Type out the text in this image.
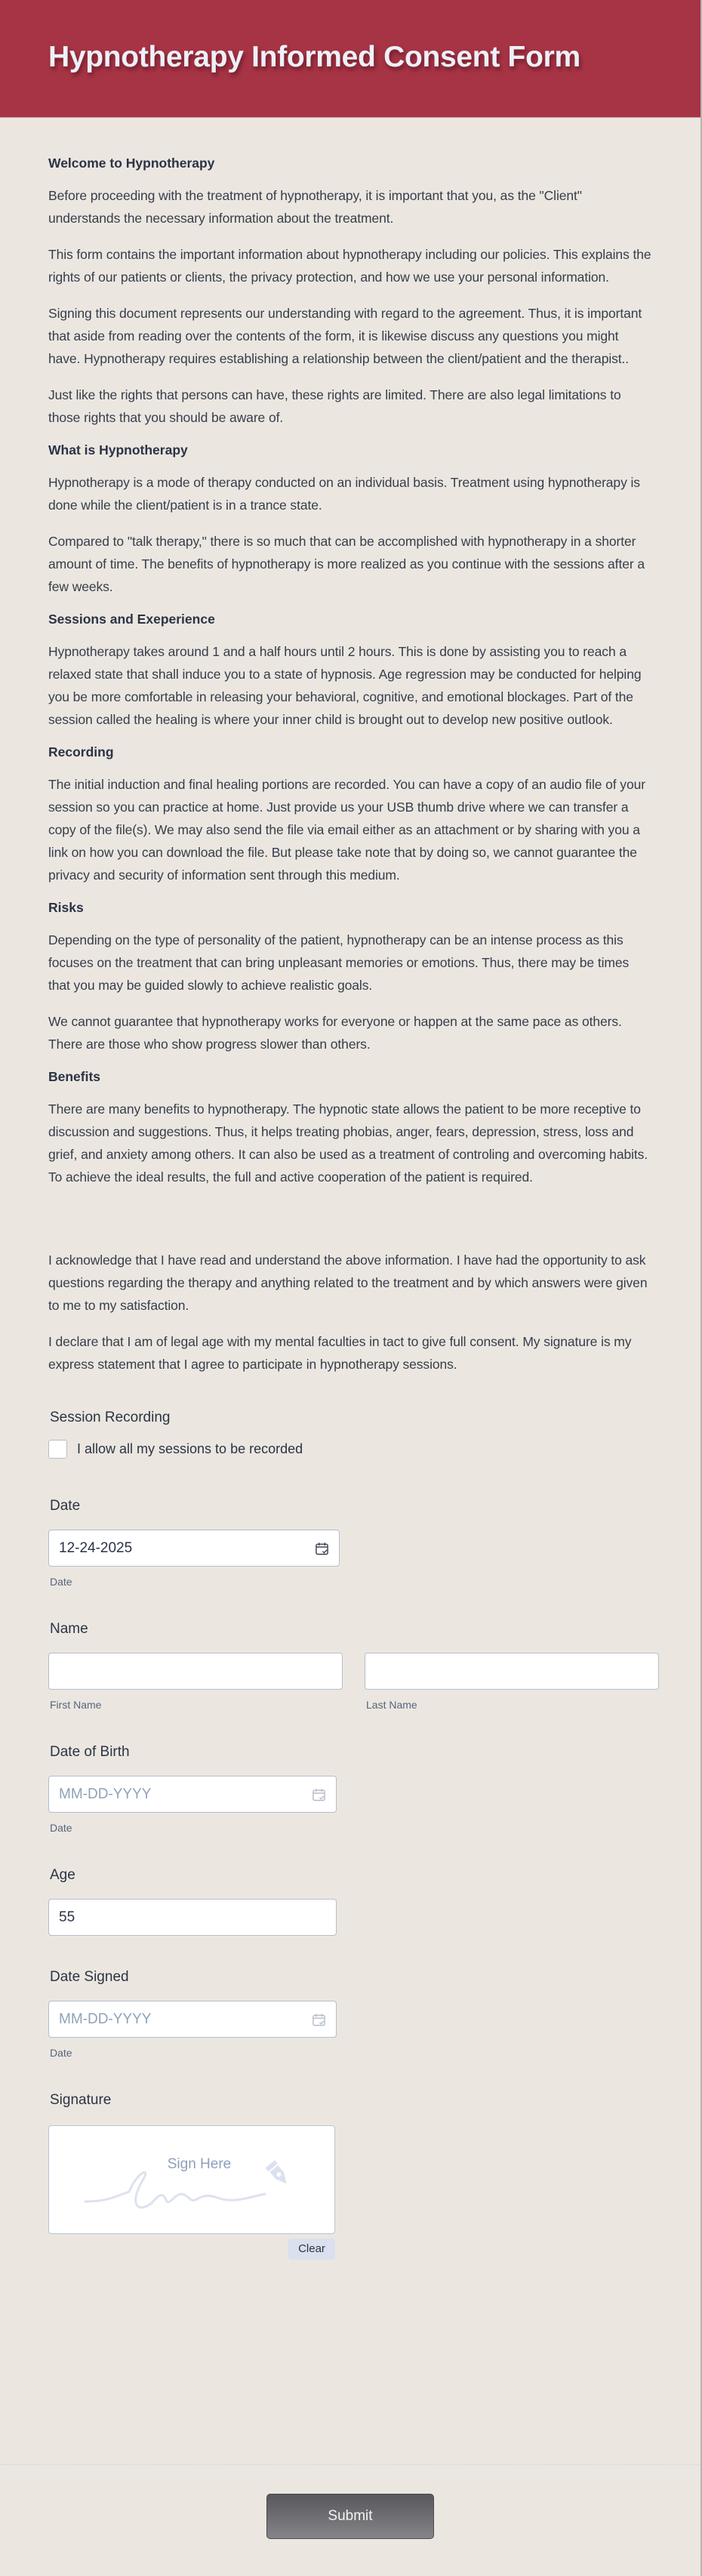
Hypnotherapy Informed Consent Form
Welcome to Hypnotherapy

Before proceeding with the treatment of hypnotherapy, it is important that you, as the "Client" understands the necessary information about the treatment.

This form contains the important information about hypnotherapy including our policies. This explains the rights of our patients or clients, the privacy protection, and how we use your personal information.

Signing this document represents our understanding with regard to the agreement. Thus, it is important that aside from reading over the contents of the form, it is likewise discuss any questions you might have. Hypnotherapy requires establishing a relationship between the client/patient and the therapist..

Just like the rights that persons can have, these rights are limited. There are also legal limitations to those rights that you should be aware of.

What is Hypnotherapy

Hypnotherapy is a mode of therapy conducted on an individual basis. Treatment using hypnotherapy is done while the client/patient is in a trance state.

Compared to "talk therapy," there is so much that can be accomplished with hypnotherapy in a shorter amount of time. The benefits of hypnotherapy is more realized as you continue with the sessions after a few weeks.

Sessions and Exeperience

Hypnotherapy takes around 1 and a half hours until 2 hours. This is done by assisting you to reach a relaxed state that shall induce you to a state of hypnosis. Age regression may be conducted for helping you be more comfortable in releasing your behavioral, cognitive, and emotional blockages. Part of the session called the healing is where your inner child is brought out to develop new positive outlook.

Recording

The initial induction and final healing portions are recorded. You can have a copy of an audio file of your session so you can practice at home. Just provide us your USB thumb drive where we can transfer a copy of the file(s). We may also send the file via email either as an attachment or by sharing with you a link on how you can download the file. But please take note that by doing so, we cannot guarantee the privacy and security of information sent through this medium.

Risks

Depending on the type of personality of the patient, hypnotherapy can be an intense process as this focuses on the treatment that can bring unpleasant memories or emotions. Thus, there may be times that you may be guided slowly to achieve realistic goals.

We cannot guarantee that hypnotherapy works for everyone or happen at the same pace as others. There are those who show progress slower than others.

Benefits

There are many benefits to hypnotherapy. The hypnotic state allows the patient to be more receptive to discussion and suggestions. Thus, it helps treating phobias, anger, fears, depression, stress, loss and grief, and anxiety among others. It can also be used as a treatment of controling and overcoming habits. To achieve the ideal results, the full and active cooperation of the patient is required.

I acknowledge that I have read and understand the above information. I have had the opportunity to ask questions regarding the therapy and anything related to the treatment and by which answers were given to me to my satisfaction.

I declare that I am of legal age with my mental faculties in tact to give full consent. My signature is my express statement that I agree to participate in hypnotherapy sessions.

Session Recording
I allow all my sessions to be recorded
Date
12-24-2025
Date
Name
First Name	Last Name
Date of Birth
MM-DD-YYYY
Date
Age
55
Date Signed
MM-DD-YYYY
Date
Signature
Sign Here
Clear
Submit
